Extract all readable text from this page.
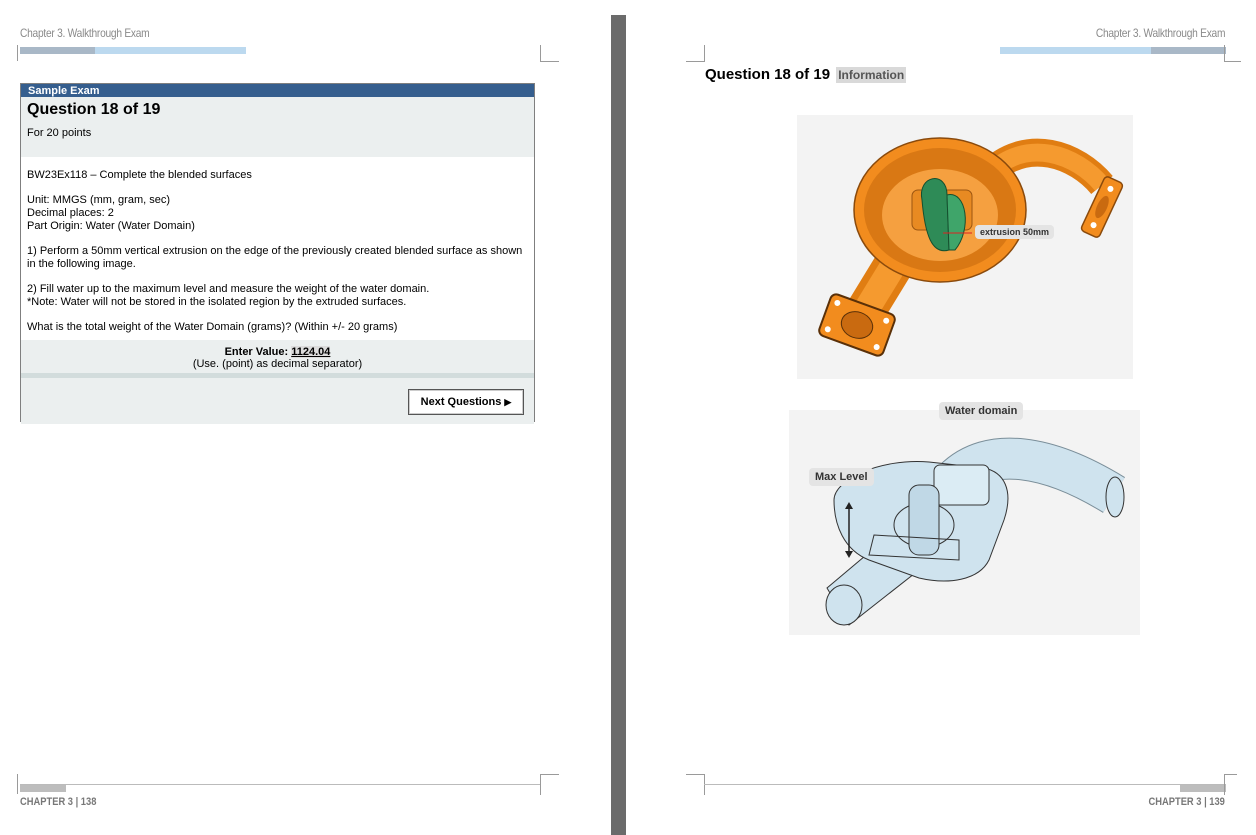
Chapter 3. Walkthrough Exam
Sample Exam
Question 18 of 19
For 20 points

BW23Ex118 – Complete the blended surfaces

Unit: MMGS (mm, gram, sec)
Decimal places: 2
Part Origin: Water (Water Domain)

1) Perform a 50mm vertical extrusion on the edge of the previously created blended surface as shown in the following image.

2) Fill water up to the maximum level and measure the weight of the water domain.
*Note: Water will not be stored in the isolated region by the extruded surfaces.

What is the total weight of the Water Domain (grams)? (Within +/- 20 grams)

Enter Value: 1124.04
(Use. (point) as decimal separator)
Next Questions ▶
CHAPTER 3 | 138
Chapter 3. Walkthrough Exam
Question 18 of 19 Information
extrusion 50mm
Water domain
Max Level
CHAPTER 3 | 139
